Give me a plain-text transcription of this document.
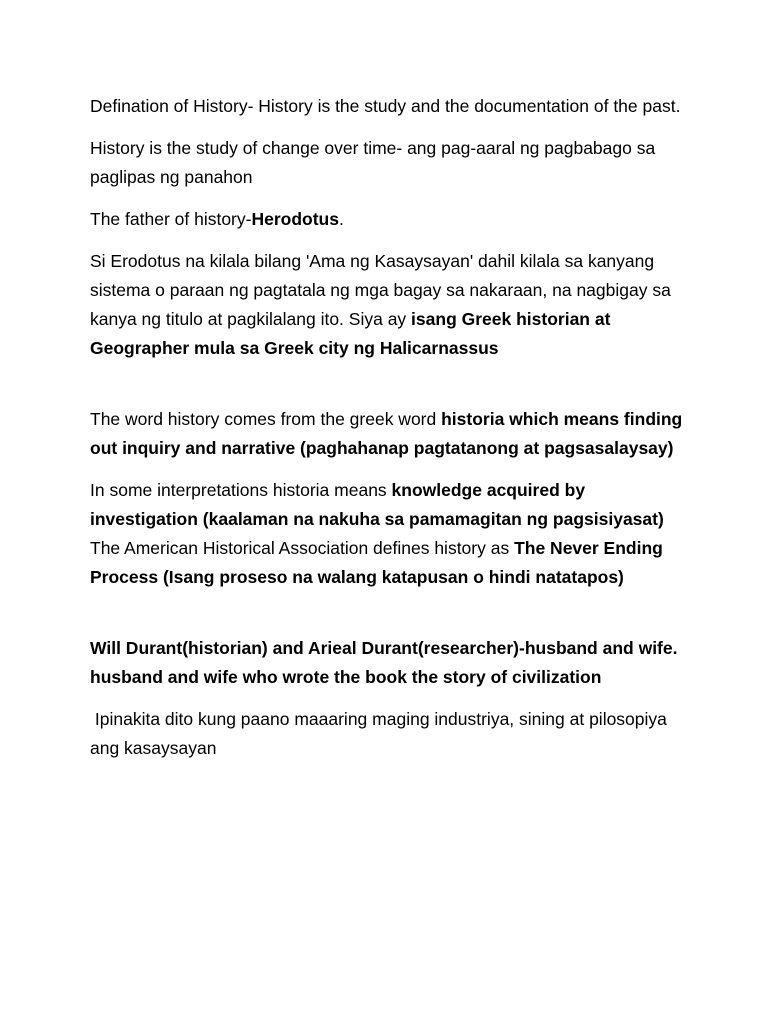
Defination of History- History is the study and the documentation of the past.

History is the study of change over time- ang pag-aaral ng pagbabago sa paglipas ng panahon

The father of history-Herodotus.

Si Erodotus na kilala bilang 'Ama ng Kasaysayan' dahil kilala sa kanyang sistema o paraan ng pagtatala ng mga bagay sa nakaraan, na nagbigay sa kanya ng titulo at pagkilalang ito. Siya ay isang Greek historian at Geographer mula sa Greek city ng Halicarnassus

The word history comes from the greek word historia which means finding out inquiry and narrative (paghahanap pagtatanong at pagsasalaysay)

In some interpretations historia means knowledge acquired by investigation (kaalaman na nakuha sa pamamagitan ng pagsisiyasat)

The American Historical Association defines history as The Never Ending Process (Isang proseso na walang katapusan o hindi natatapos)

Will Durant(historian) and Arieal Durant(researcher)-husband and wife. husband and wife who wrote the book the story of civilization

Ipinakita dito kung paano maaaring maging industriya, sining at pilosopiya ang kasaysayan
